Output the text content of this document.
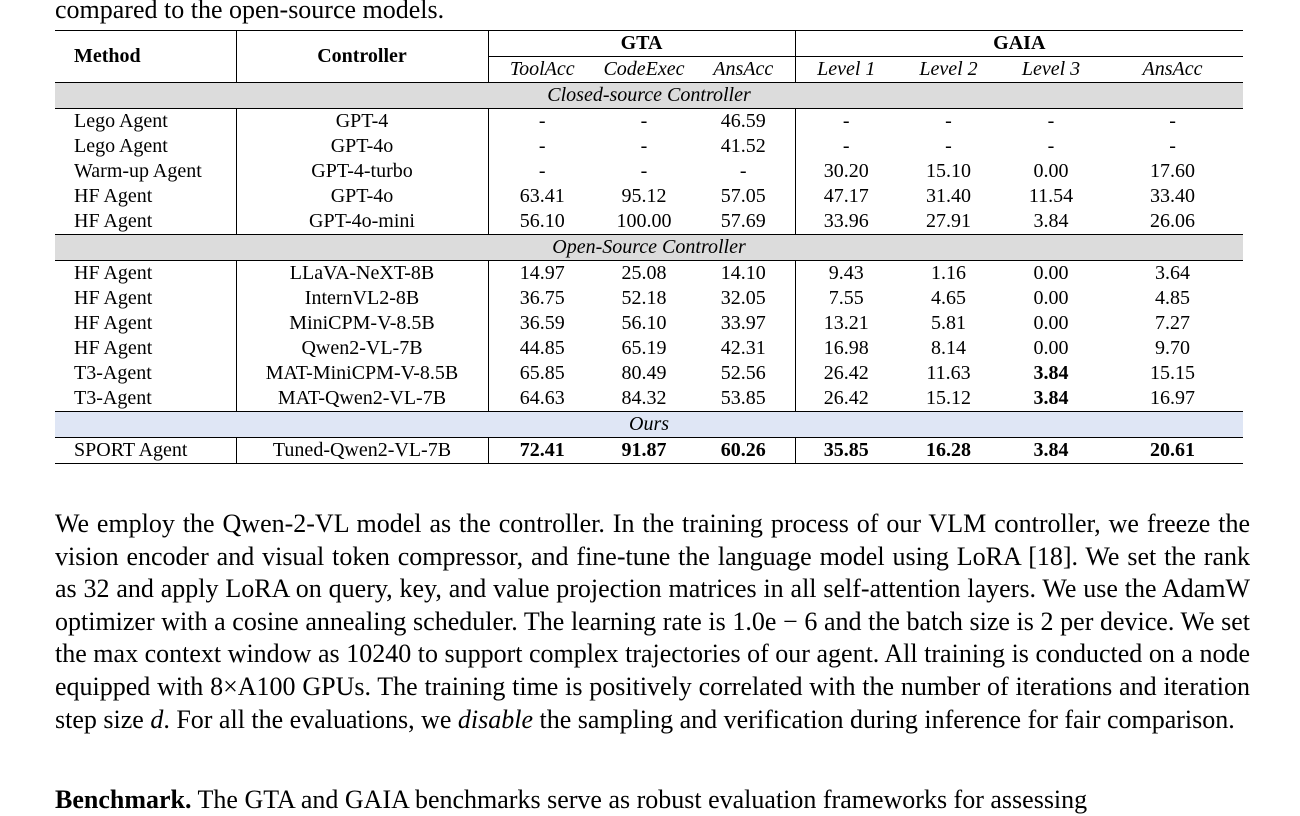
compared to the open-source models.
Method	Controller	GTA			GAIA			
		ToolAcc	CodeExec	AnsAcc	Level 1	Level 2	Level 3	AnsAcc
Closed-source Controller								
Lego Agent	GPT-4	-	-	46.59	-	-	-	-
Lego Agent	GPT-4o	-	-	41.52	-	-	-	-
Warm-up Agent	GPT-4-turbo	-	-	-	30.20	15.10	0.00	17.60
HF Agent	GPT-4o	63.41	95.12	57.05	47.17	31.40	11.54	33.40
HF Agent	GPT-4o-mini	56.10	100.00	57.69	33.96	27.91	3.84	26.06
Open-Source Controller								
HF Agent	LLaVA-NeXT-8B	14.97	25.08	14.10	9.43	1.16	0.00	3.64
HF Agent	InternVL2-8B	36.75	52.18	32.05	7.55	4.65	0.00	4.85
HF Agent	MiniCPM-V-8.5B	36.59	56.10	33.97	13.21	5.81	0.00	7.27
HF Agent	Qwen2-VL-7B	44.85	65.19	42.31	16.98	8.14	0.00	9.70
T3-Agent	MAT-MiniCPM-V-8.5B	65.85	80.49	52.56	26.42	11.63	3.84	15.15
T3-Agent	MAT-Qwen2-VL-7B	64.63	84.32	53.85	26.42	15.12	3.84	16.97
Ours								
SPORT Agent	Tuned-Qwen2-VL-7B	72.41	91.87	60.26	35.85	16.28	3.84	20.61

We employ the Qwen-2-VL model as the controller. In the training process of our VLM controller, we freeze the vision encoder and visual token compressor, and fine-tune the language model using LoRA [18]. We set the rank as 32 and apply LoRA on query, key, and value projection matrices in all self-attention layers. We use the AdamW optimizer with a cosine annealing scheduler. The learning rate is 1.0e − 6 and the batch size is 2 per device. We set the max context window as 10240 to support complex trajectories of our agent. All training is conducted on a node equipped with 8×A100 GPUs. The training time is positively correlated with the number of iterations and iteration step size d. For all the evaluations, we disable the sampling and verification during inference for fair comparison.

Benchmark. The GTA and GAIA benchmarks serve as robust evaluation frameworks for assessing
